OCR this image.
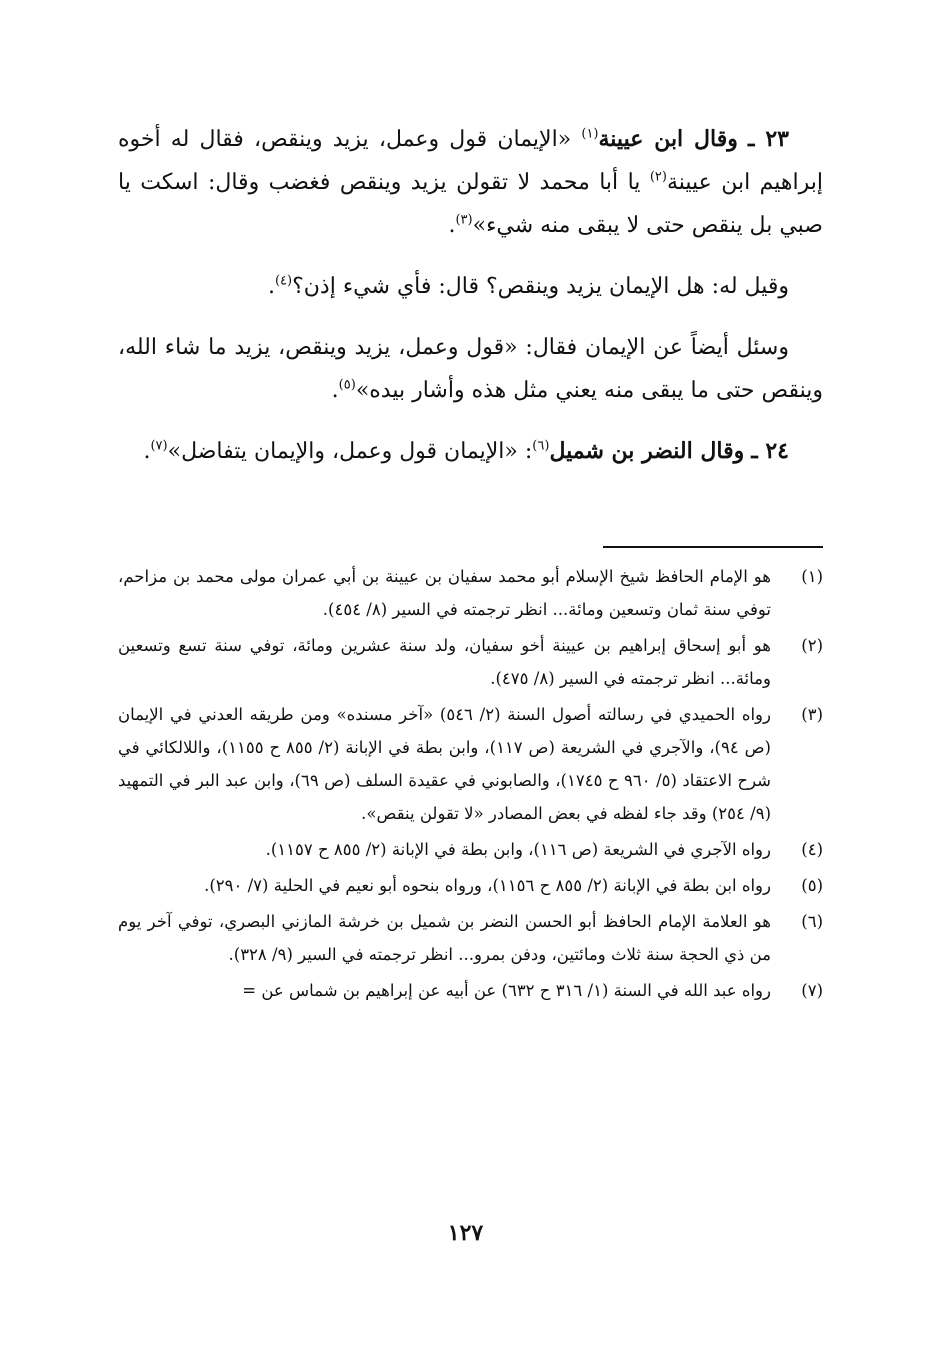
٢٣ ـ وقال ابن عيينة$^{(١)}$ «الإيمان قول وعمل، يزيد وينقص، فقال له أخوه إبراهيم ابن عيينة$^{(٢)}$ يا أبا محمد لا تقولن يزيد وينقص فغضب وقال: اسكت يا صبي بل ينقص حتى لا يبقى منه شيء»$^{(٣)}$.

وقيل له: هل الإيمان يزيد وينقص؟ قال: فأي شيء إذن؟$^{(٤)}$.

وسئل أيضاً عن الإيمان فقال: «قول وعمل، يزيد وينقص، يزيد ما شاء الله، وينقص حتى ما يبقى منه يعني مثل هذه وأشار بيده»$^{(٥)}$.

٢٤ ـ وقال النضر بن شميل$^{(٦)}$: «الإيمان قول وعمل، والإيمان يتفاضل»$^{(٧)}$.

(١)
هو الإمام الحافظ شيخ الإسلام أبو محمد سفيان بن عيينة بن أبي عمران مولى محمد بن مزاحم، توفي سنة ثمان وتسعين ومائة... انظر ترجمته في السير (٨/ ٤٥٤).
(٢)
هو أبو إسحاق إبراهيم بن عيينة أخو سفيان، ولد سنة عشرين ومائة، توفي سنة تسع وتسعين ومائة... انظر ترجمته في السير (٨/ ٤٧٥).
(٣)
رواه الحميدي في رسالته أصول السنة (٢/ ٥٤٦) «آخر مسنده» ومن طريقه العدني في الإيمان (ص ٩٤)، والآجري في الشريعة (ص ١١٧)، وابن بطة في الإبانة (٢/ ٨٥٥ ح ١١٥٥)، واللالكائي في شرح الاعتقاد (٥/ ٩٦٠ ح ١٧٤٥)، والصابوني في عقيدة السلف (ص ٦٩)، وابن عبد البر في التمهيد (٩/ ٢٥٤) وقد جاء لفظه في بعض المصادر «لا تقولن ينقص».
(٤)
رواه الآجري في الشريعة (ص ١١٦)، وابن بطة في الإبانة (٢/ ٨٥٥ ح ١١٥٧).
(٥)
رواه ابن بطة في الإبانة (٢/ ٨٥٥ ح ١١٥٦)، ورواه بنحوه أبو نعيم في الحلية (٧/ ٢٩٠).
(٦)
هو العلامة الإمام الحافظ أبو الحسن النضر بن شميل بن خرشة المازني البصري، توفي آخر يوم من ذي الحجة سنة ثلاث ومائتين، ودفن بمرو... انظر ترجمته في السير (٩/ ٣٢٨).
(٧)
رواه عبد الله في السنة (١/ ٣١٦ ح ٦٣٢) عن أبيه عن إبراهيم بن شماس عن =
١٢٧
